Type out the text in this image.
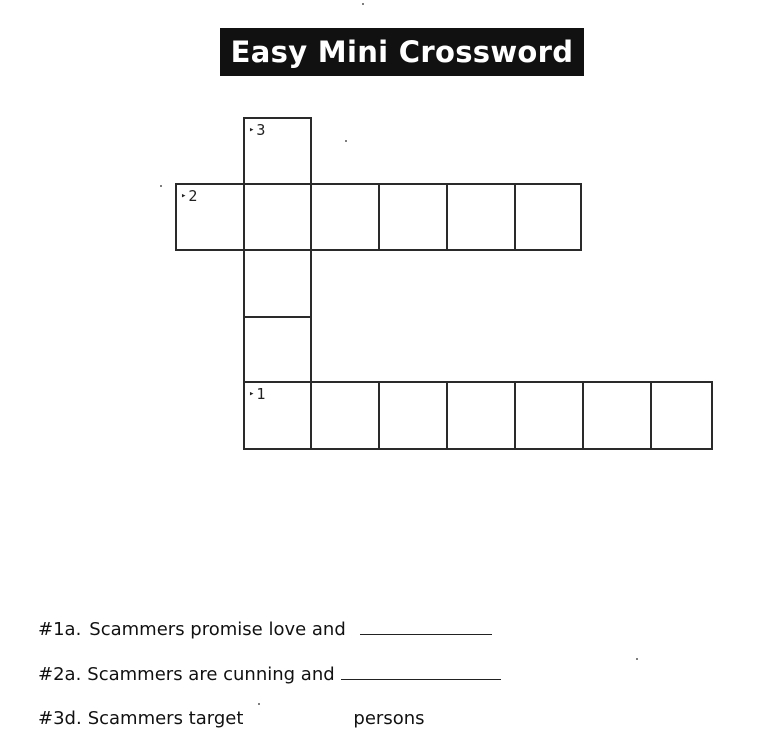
Easy Mini Crossword
▸ 3
▸ 2
▸ 1
#1a. Scammers promise love and
#2a. Scammers are cunning and
#3d. Scammers target	persons
